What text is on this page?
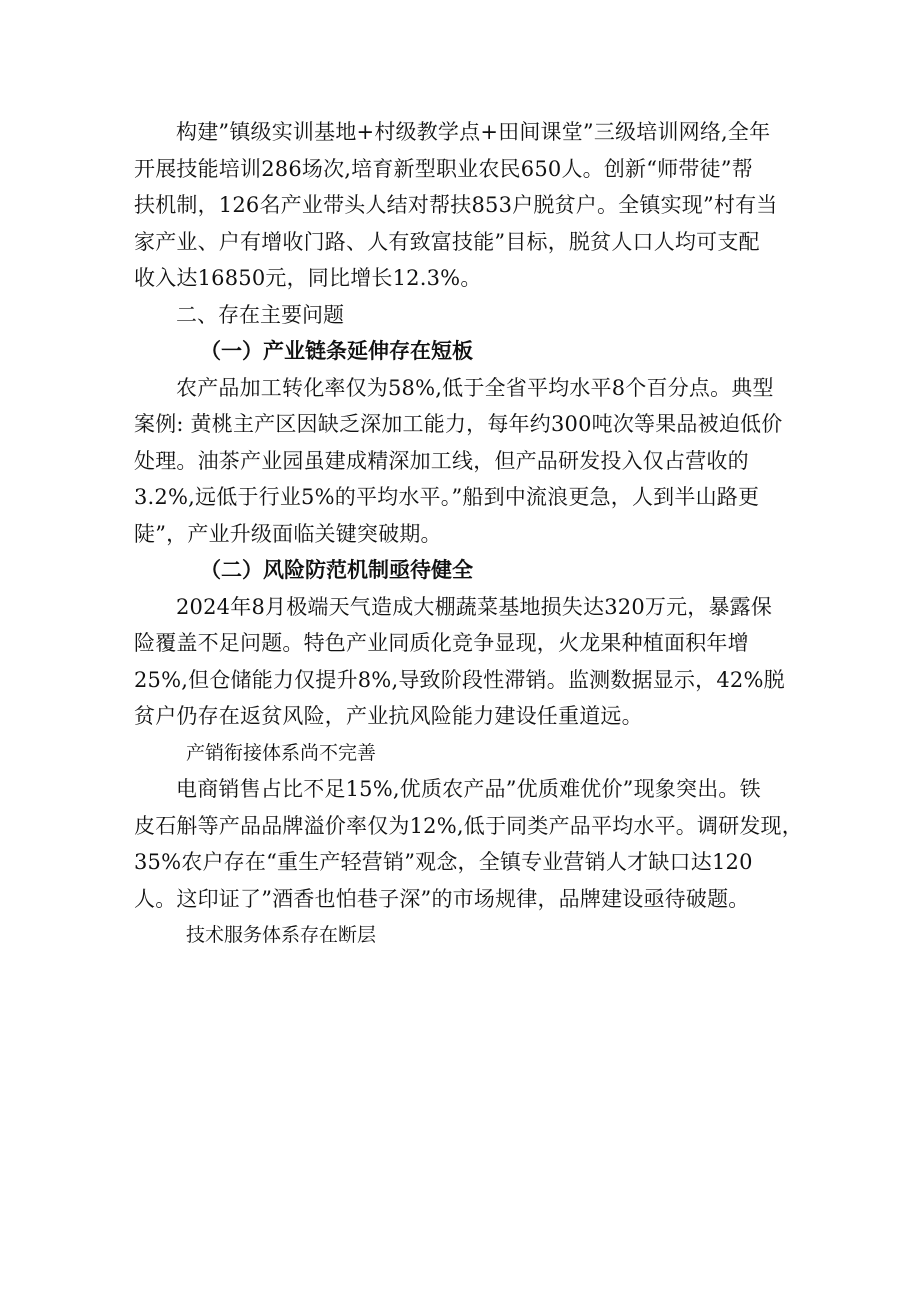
构建”镇级实训基地+村级教学点+田间课堂”三级培训网络,全年
开展技能培训286场次,培育新型职业农民650人。创新“师带徒”帮
扶机制，126名产业带头人结对帮扶853户脱贫户。全镇实现”村有当
家产业、户有增收门路、人有致富技能”目标，脱贫人口人均可支配
收入达16850元，同比增长12.3%。

二、存在主要问题
（一）产业链条延伸存在短板

农产品加工转化率仅为58%,低于全省平均水平8个百分点。典型
案例: 黄桃主产区因缺乏深加工能力，每年约300吨次等果品被迫低价
处理。油茶产业园虽建成精深加工线，但产品研发投入仅占营收的
3.2%,远低于行业5%的平均水平。”船到中流浪更急，人到半山路更
陡”，产业升级面临关键突破期。

（二）风险防范机制亟待健全

2024年8月极端天气造成大棚蔬菜基地损失达320万元，暴露保
险覆盖不足问题。特色产业同质化竞争显现，火龙果种植面积年增
25%,但仓储能力仅提升8%,导致阶段性滞销。监测数据显示，42%脱
贫户仍存在返贫风险，产业抗风险能力建设任重道远。

产销衔接体系尚不完善

电商销售占比不足15%,优质农产品”优质难优价”现象突出。铁
皮石斛等产品品牌溢价率仅为12%,低于同类产品平均水平。调研发现，
35%农户存在“重生产轻营销”观念，全镇专业营销人才缺口达120
人。这印证了”酒香也怕巷子深”的市场规律，品牌建设亟待破题。

技术服务体系存在断层
